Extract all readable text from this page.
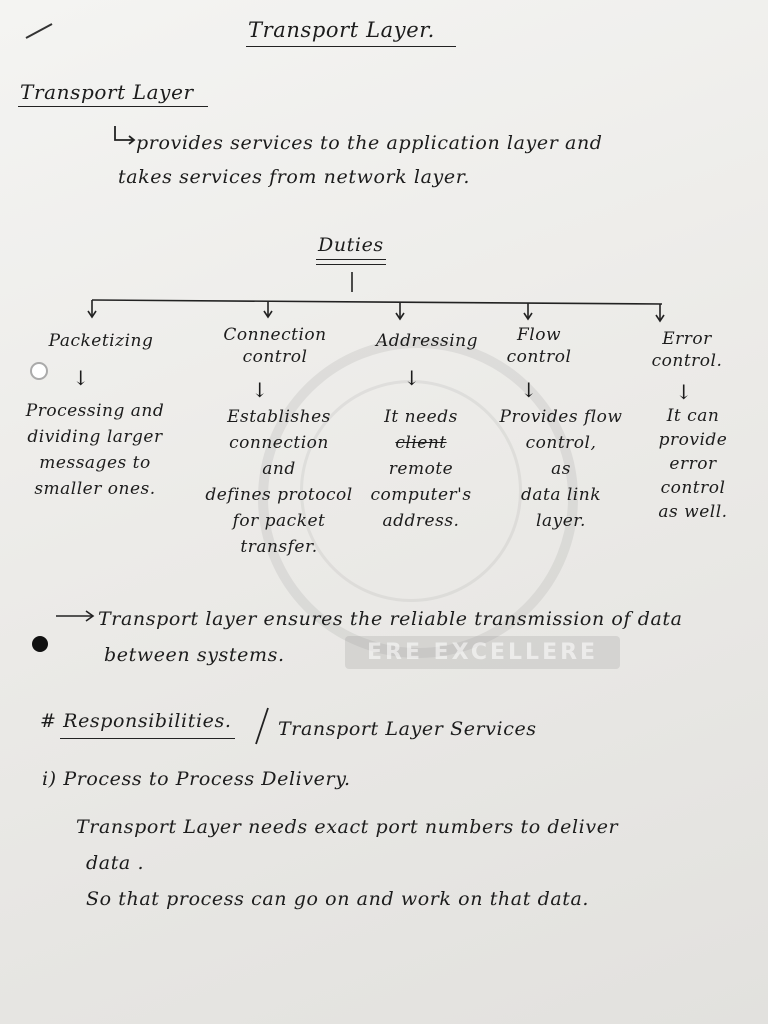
ERE EXCELLERE
Transport Layer.
Transport Layer
provides services to the application layer and
takes services from network layer.
Duties
Packetizing
↓
Processing and
dividing larger
messages to
smaller ones.
Connection
control
↓
Establishes
connection
and
defines protocol
for packet
transfer.
Addressing
↓
It needs
client
remote
computer's
address.
Flow
control
↓
Provides flow
control,
as
data link
layer.
Error
control.
↓
It can
provide
error
control
as well.
Transport layer ensures the reliable transmission of data
between systems.
# Responsibilities. Transport Layer Services
i) Process to Process Delivery.
Transport Layer needs exact port numbers to deliver
data .
So that process can go on and work on that data.
